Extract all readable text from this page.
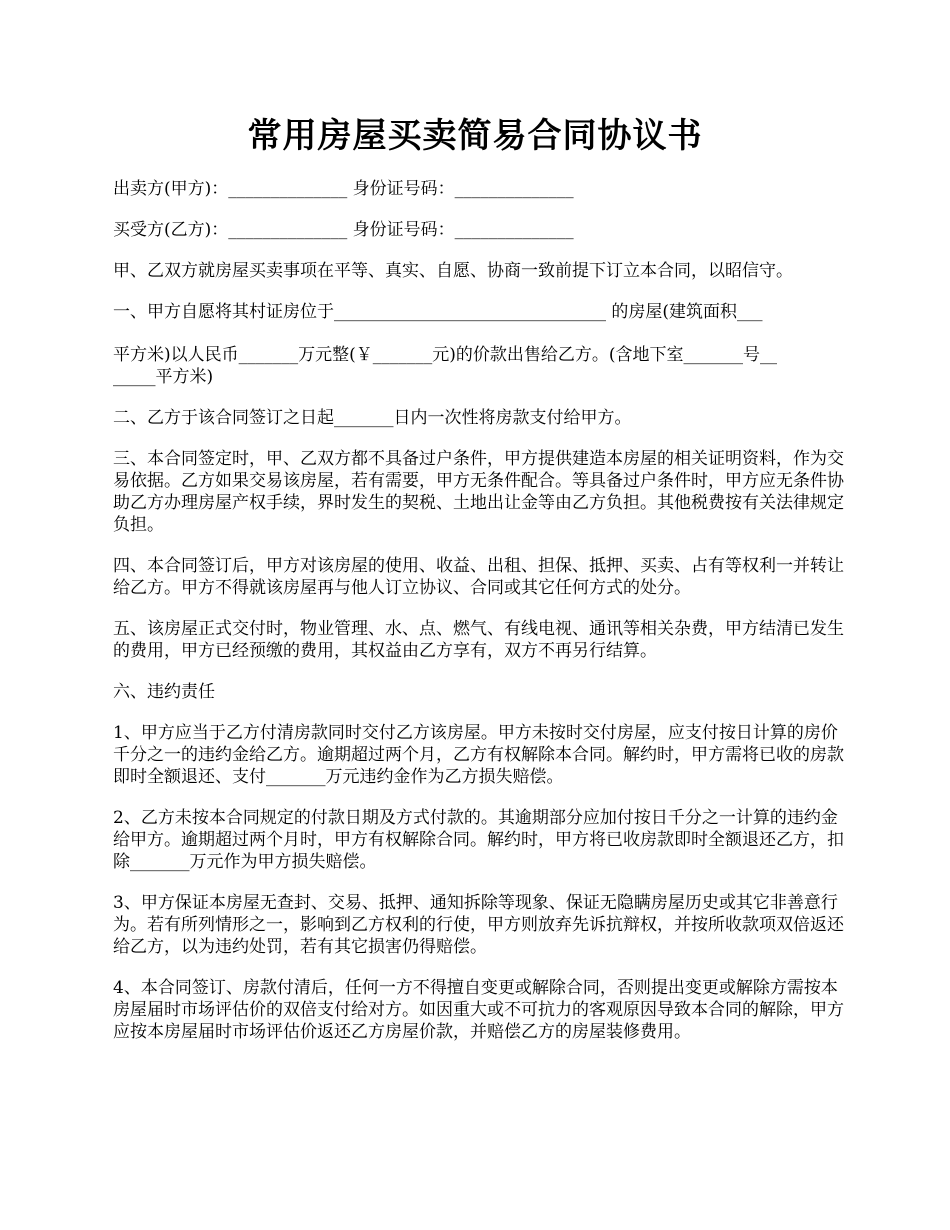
常用房屋买卖简易合同协议书

出卖方(甲方)：______________ 身份证号码：______________

买受方(乙方)：______________ 身份证号码：______________

甲、乙双方就房屋买卖事项在平等、真实、自愿、协商一致前提下订立本合同，以昭信守。

一、甲方自愿将其村证房位于________________________________ 的房屋(建筑面积___

平方米)以人民币_______万元整(￥_______元)的价款出售给乙方。(含地下室_______号__
_____平方米)

二、乙方于该合同签订之日起_______日内一次性将房款支付给甲方。

三、本合同签定时，甲、乙双方都不具备过户条件，甲方提供建造本房屋的相关证明资料，作为交易依据。乙方如果交易该房屋，若有需要，甲方无条件配合。等具备过户条件时，甲方应无条件协助乙方办理房屋产权手续，界时发生的契税、土地出让金等由乙方负担。其他税费按有关法律规定负担。

四、本合同签订后，甲方对该房屋的使用、收益、出租、担保、抵押、买卖、占有等权利一并转让给乙方。甲方不得就该房屋再与他人订立协议、合同或其它任何方式的处分。

五、该房屋正式交付时，物业管理、水、点、燃气、有线电视、通讯等相关杂费，甲方结清已发生的费用，甲方已经预缴的费用，其权益由乙方享有，双方不再另行结算。

六、违约责任

1、甲方应当于乙方付清房款同时交付乙方该房屋。甲方未按时交付房屋，应支付按日计算的房价千分之一的违约金给乙方。逾期超过两个月，乙方有权解除本合同。解约时，甲方需将已收的房款即时全额退还、支付_______万元违约金作为乙方损失赔偿。

2、乙方未按本合同规定的付款日期及方式付款的。其逾期部分应加付按日千分之一计算的违约金给甲方。逾期超过两个月时，甲方有权解除合同。解约时，甲方将已收房款即时全额退还乙方，扣除_______万元作为甲方损失赔偿。

3、甲方保证本房屋无查封、交易、抵押、通知拆除等现象、保证无隐瞒房屋历史或其它非善意行为。若有所列情形之一，影响到乙方权利的行使，甲方则放弃先诉抗辩权，并按所收款项双倍返还给乙方，以为违约处罚，若有其它损害仍得赔偿。

4、本合同签订、房款付清后，任何一方不得擅自变更或解除合同，否则提出变更或解除方需按本房屋届时市场评估价的双倍支付给对方。如因重大或不可抗力的客观原因导致本合同的解除，甲方应按本房屋届时市场评估价返还乙方房屋价款，并赔偿乙方的房屋装修费用。
